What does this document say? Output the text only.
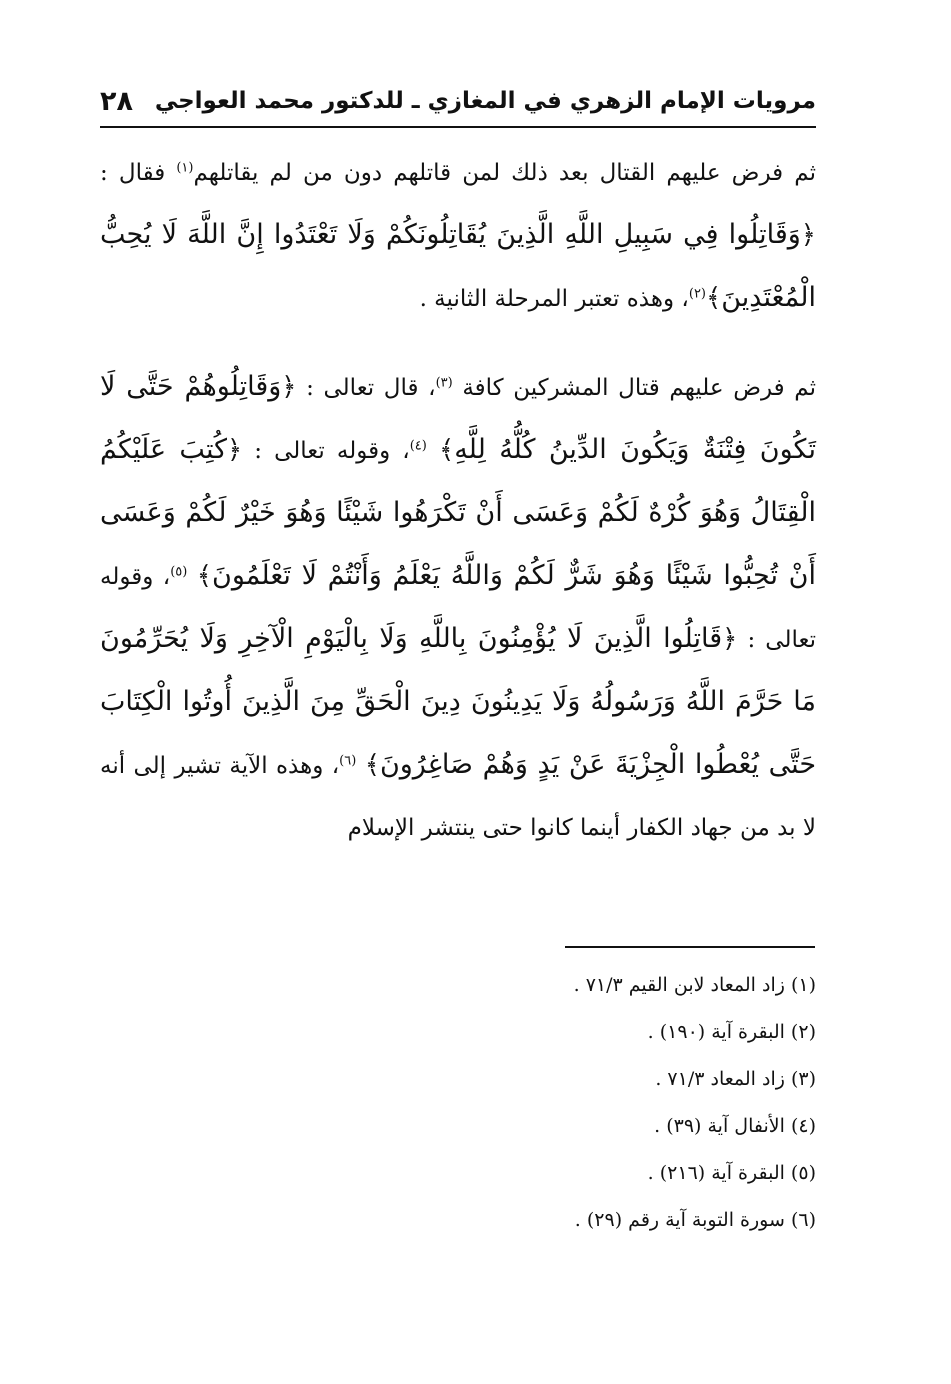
مرويات الإمام الزهري في المغازي ـ للدكتور محمد العواجي
٢٨

ثم فرض عليهم القتال بعد ذلك لمن قاتلهم دون من لم يقاتلهم$^{(١)}$ فقال : ﴿وَقَاتِلُوا فِي سَبِيلِ اللَّهِ الَّذِينَ يُقَاتِلُونَكُمْ وَلَا تَعْتَدُوا إِنَّ اللَّهَ لَا يُحِبُّ الْمُعْتَدِينَ﴾$^{(٢)}$، وهذه تعتبر المرحلة الثانية .

ثم فرض عليهم قتال المشركين كافة $^{(٣)}$، قال تعالى : ﴿وَقَاتِلُوهُمْ حَتَّى لَا تَكُونَ فِتْنَةٌ وَيَكُونَ الدِّينُ كُلُّهُ لِلَّهِ﴾ $^{(٤)}$، وقوله تعالى : ﴿كُتِبَ عَلَيْكُمُ الْقِتَالُ وَهُوَ كُرْهٌ لَكُمْ وَعَسَى أَنْ تَكْرَهُوا شَيْئًا وَهُوَ خَيْرٌ لَكُمْ وَعَسَى أَنْ تُحِبُّوا شَيْئًا وَهُوَ شَرٌّ لَكُمْ وَاللَّهُ يَعْلَمُ وَأَنْتُمْ لَا تَعْلَمُونَ﴾ $^{(٥)}$، وقوله تعالى : ﴿قَاتِلُوا الَّذِينَ لَا يُؤْمِنُونَ بِاللَّهِ وَلَا بِالْيَوْمِ الْآخِرِ وَلَا يُحَرِّمُونَ مَا حَرَّمَ اللَّهُ وَرَسُولُهُ وَلَا يَدِينُونَ دِينَ الْحَقِّ مِنَ الَّذِينَ أُوتُوا الْكِتَابَ حَتَّى يُعْطُوا الْجِزْيَةَ عَنْ يَدٍ وَهُمْ صَاغِرُونَ﴾ $^{(٦)}$، وهذه الآية تشير إلى أنه لا بد من جهاد الكفار أينما كانوا حتى ينتشر الإسلام

(١) زاد المعاد لابن القيم ٧١/٣ .
(٢) البقرة آية (١٩٠) .
(٣) زاد المعاد ٧١/٣ .
(٤) الأنفال آية (٣٩) .
(٥) البقرة آية (٢١٦) .
(٦) سورة التوبة آية رقم (٢٩) .
